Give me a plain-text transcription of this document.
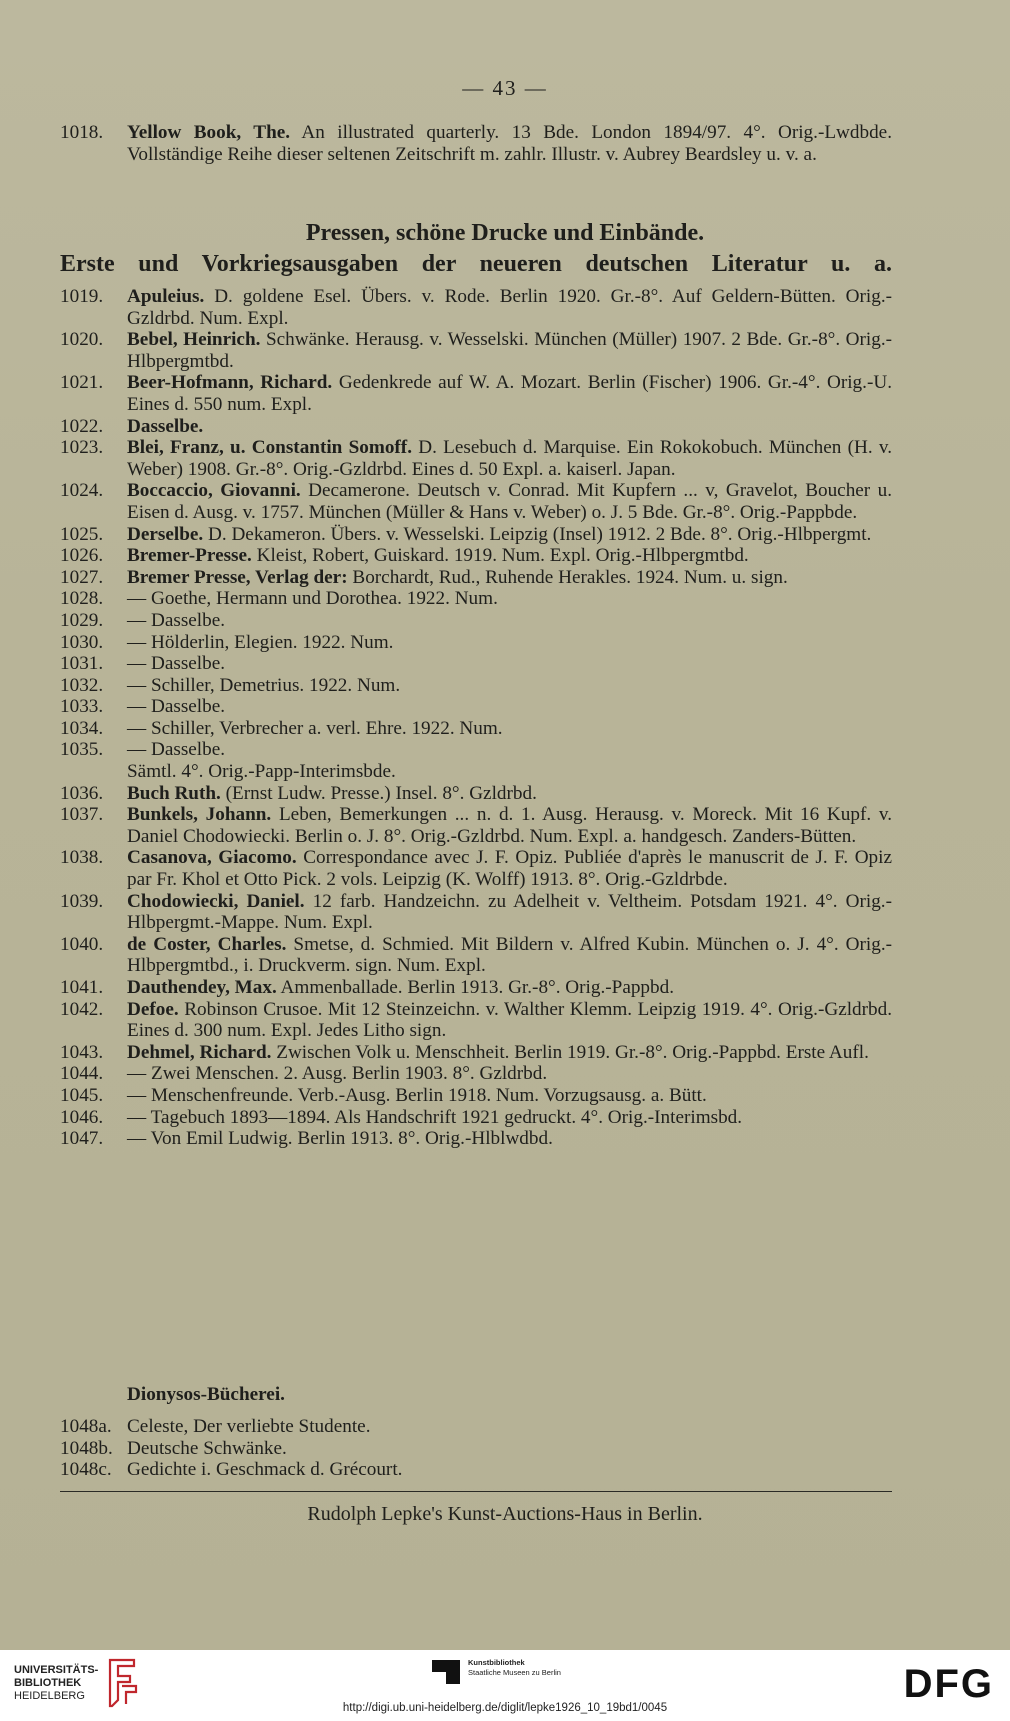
— 43 —
1018.	Yellow Book, The. An illustrated quarterly. 13 Bde. London 1894/97. 4°. Orig.-Lwdbde. Vollständige Reihe dieser seltenen Zeitschrift m. zahlr. Illustr. v. Aubrey Beardsley u. v. a.
Pressen, schöne Drucke und Einbände.
Erste und Vorkriegsausgaben der neueren deutschen Literatur u. a.
1019.	Apuleius. D. goldene Esel. Übers. v. Rode. Berlin 1920. Gr.-8°. Auf Geldern-Bütten. Orig.-Gzldrbd. Num. Expl.
1020.	Bebel, Heinrich. Schwänke. Herausg. v. Wesselski. München (Müller) 1907. 2 Bde. Gr.-8°. Orig.-Hlbpergmtbd.
1021.	Beer-Hofmann, Richard. Gedenkrede auf W. A. Mozart. Berlin (Fischer) 1906. Gr.-4°. Orig.-U. Eines d. 550 num. Expl.
1022.	Dasselbe.
1023.	Blei, Franz, u. Constantin Somoff. D. Lesebuch d. Marquise. Ein Rokokobuch. München (H. v. Weber) 1908. Gr.-8°. Orig.-Gzldrbd. Eines d. 50 Expl. a. kaiserl. Japan.
1024.	Boccaccio, Giovanni. Decamerone. Deutsch v. Conrad. Mit Kupfern ... v, Gravelot, Boucher u. Eisen d. Ausg. v. 1757. München (Müller & Hans v. Weber) o. J. 5 Bde. Gr.-8°. Orig.-Pappbde.
1025.	Derselbe. D. Dekameron. Übers. v. Wesselski. Leipzig (Insel) 1912. 2 Bde. 8°. Orig.-Hlbpergmt.
1026.	Bremer-Presse. Kleist, Robert, Guiskard. 1919. Num. Expl. Orig.-Hlbpergmtbd.
1027.	Bremer Presse, Verlag der: Borchardt, Rud., Ruhende Herakles. 1924. Num. u. sign.
1028.	— Goethe, Hermann und Dorothea. 1922. Num.
1029.	— Dasselbe.
1030.	— Hölderlin, Elegien. 1922. Num.
1031.	— Dasselbe.
1032.	— Schiller, Demetrius. 1922. Num.
1033.	— Dasselbe.
1034.	— Schiller, Verbrecher a. verl. Ehre. 1922. Num.
1035.	— Dasselbe.
Sämtl. 4°. Orig.-Papp-Interimsbde.
1036.	Buch Ruth. (Ernst Ludw. Presse.) Insel. 8°. Gzldrbd.
1037.	Bunkels, Johann. Leben, Bemerkungen ... n. d. 1. Ausg. Herausg. v. Moreck. Mit 16 Kupf. v. Daniel Chodowiecki. Berlin o. J. 8°. Orig.-Gzldrbd. Num. Expl. a. handgesch. Zanders-Bütten.
1038.	Casanova, Giacomo. Correspondance avec J. F. Opiz. Publiée d'après le manuscrit de J. F. Opiz par Fr. Khol et Otto Pick. 2 vols. Leipzig (K. Wolff) 1913. 8°. Orig.-Gzldrbde.
1039.	Chodowiecki, Daniel. 12 farb. Handzeichn. zu Adelheit v. Veltheim. Potsdam 1921. 4°. Orig.-Hlbpergmt.-Mappe. Num. Expl.
1040.	de Coster, Charles. Smetse, d. Schmied. Mit Bildern v. Alfred Kubin. München o. J. 4°. Orig.-Hlbpergmtbd., i. Druckverm. sign. Num. Expl.
1041.	Dauthendey, Max. Ammenballade. Berlin 1913. Gr.-8°. Orig.-Pappbd.
1042.	Defoe. Robinson Crusoe. Mit 12 Steinzeichn. v. Walther Klemm. Leipzig 1919. 4°. Orig.-Gzldrbd. Eines d. 300 num. Expl. Jedes Litho sign.
1043.	Dehmel, Richard. Zwischen Volk u. Menschheit. Berlin 1919. Gr.-8°. Orig.-Pappbd. Erste Aufl.
1044.	— Zwei Menschen. 2. Ausg. Berlin 1903. 8°. Gzldrbd.
1045.	— Menschenfreunde. Verb.-Ausg. Berlin 1918. Num. Vorzugsausg. a. Bütt.
1046.	— Tagebuch 1893—1894. Als Handschrift 1921 gedruckt. 4°. Orig.-Interimsbd.
1047.	— Von Emil Ludwig. Berlin 1913. 8°. Orig.-Hlblwdbd.
Dionysos-Bücherei.
1048a. Celeste, Der verliebte Studente.
1048b. Deutsche Schwänke.
1048c. Gedichte i. Geschmack d. Grécourt.
Rudolph Lepke's Kunst-Auctions-Haus in Berlin.
UNIVERSITÄTS-
BIBLIOTHEK
HEIDELBERG
Kunstbibliothek
Staatliche Museen zu Berlin
http://digi.ub.uni-heidelberg.de/diglit/lepke1926_10_19bd1/0045
DFG
